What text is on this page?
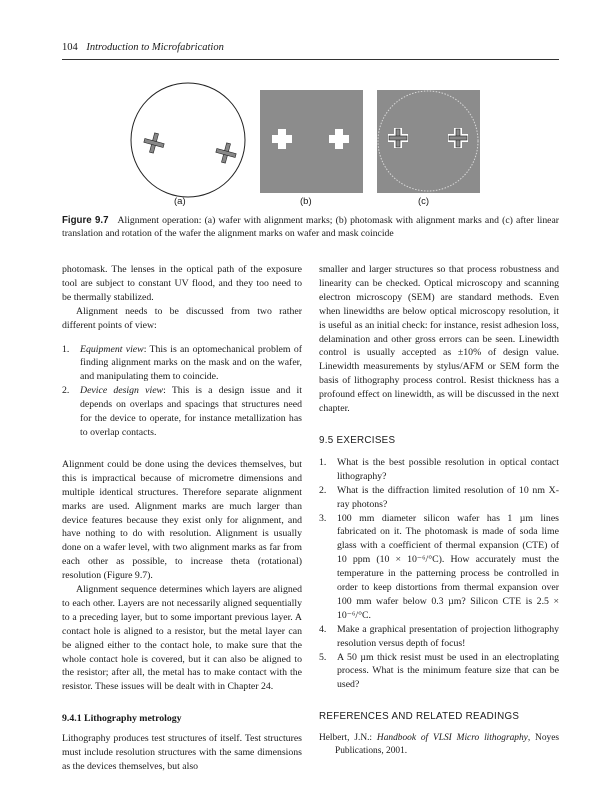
104 Introduction to Microfabrication
(a)	(b)	(c)
Figure 9.7 Alignment operation: (a) wafer with alignment marks; (b) photomask with alignment marks and (c) after linear translation and rotation of the wafer the alignment marks on wafer and mask coincide

photomask. The lenses in the optical path of the exposure tool are subject to constant UV flood, and they too need to be thermally stabilized.

Alignment needs to be discussed from two rather different points of view:

1. Equipment view: This is an optomechanical problem of finding alignment marks on the mask and on the wafer, and manipulating them to coincide.
2. Device design view: This is a design issue and it depends on overlaps and spacings that structures need for the device to operate, for instance metallization has to overlap contacts.

Alignment could be done using the devices themselves, but this is impractical because of micrometre dimensions and multiple identical structures. Therefore separate alignment marks are used. Alignment marks are much larger than device features because they exist only for alignment, and have nothing to do with resolution. Alignment is usually done on a wafer level, with two alignment marks as far from each other as possible, to increase theta (rotational) resolution (Figure 9.7).

Alignment sequence determines which layers are aligned to each other. Layers are not necessarily aligned sequentially to a preceding layer, but to some important previous layer. A contact hole is aligned to a resistor, but the metal layer can be aligned either to the contact hole, to make sure that the whole contact hole is covered, but it can also be aligned to the resistor; after all, the metal has to make contact with the resistor. These issues will be dealt with in Chapter 24.

9.4.1 Lithography metrology

Lithography produces test structures of itself. Test structures must include resolution structures with the same dimensions as the devices themselves, but also

smaller and larger structures so that process robustness and linearity can be checked. Optical microscopy and scanning electron microscopy (SEM) are standard methods. Even when linewidths are below optical microscopy resolution, it is useful as an initial check: for instance, resist adhesion loss, delamination and other gross errors can be seen. Linewidth control is usually accepted as ±10% of design value. Linewidth measurements by stylus/AFM or SEM form the basis of lithography process control. Resist thickness has a profound effect on linewidth, as will be discussed in the next chapter.

9.5 EXERCISES

1. What is the best possible resolution in optical contact lithography?
2. What is the diffraction limited resolution of 10 nm X-ray photons?
3. 100 mm diameter silicon wafer has 1 µm lines fabricated on it. The photomask is made of soda lime glass with a coefficient of thermal expansion (CTE) of 10 ppm (10 × 10⁻⁶/°C). How accurately must the temperature in the patterning process be controlled in order to keep distortions from thermal expansion over 100 mm wafer below 0.3 µm? Silicon CTE is 2.5 × 10⁻⁶/°C.
4. Make a graphical presentation of projection lithography resolution versus depth of focus!
5. A 50 µm thick resist must be used in an electroplating process. What is the minimum feature size that can be used?

REFERENCES AND RELATED READINGS

Helbert, J.N.: Handbook of VLSI Micro lithography, Noyes Publications, 2001.
